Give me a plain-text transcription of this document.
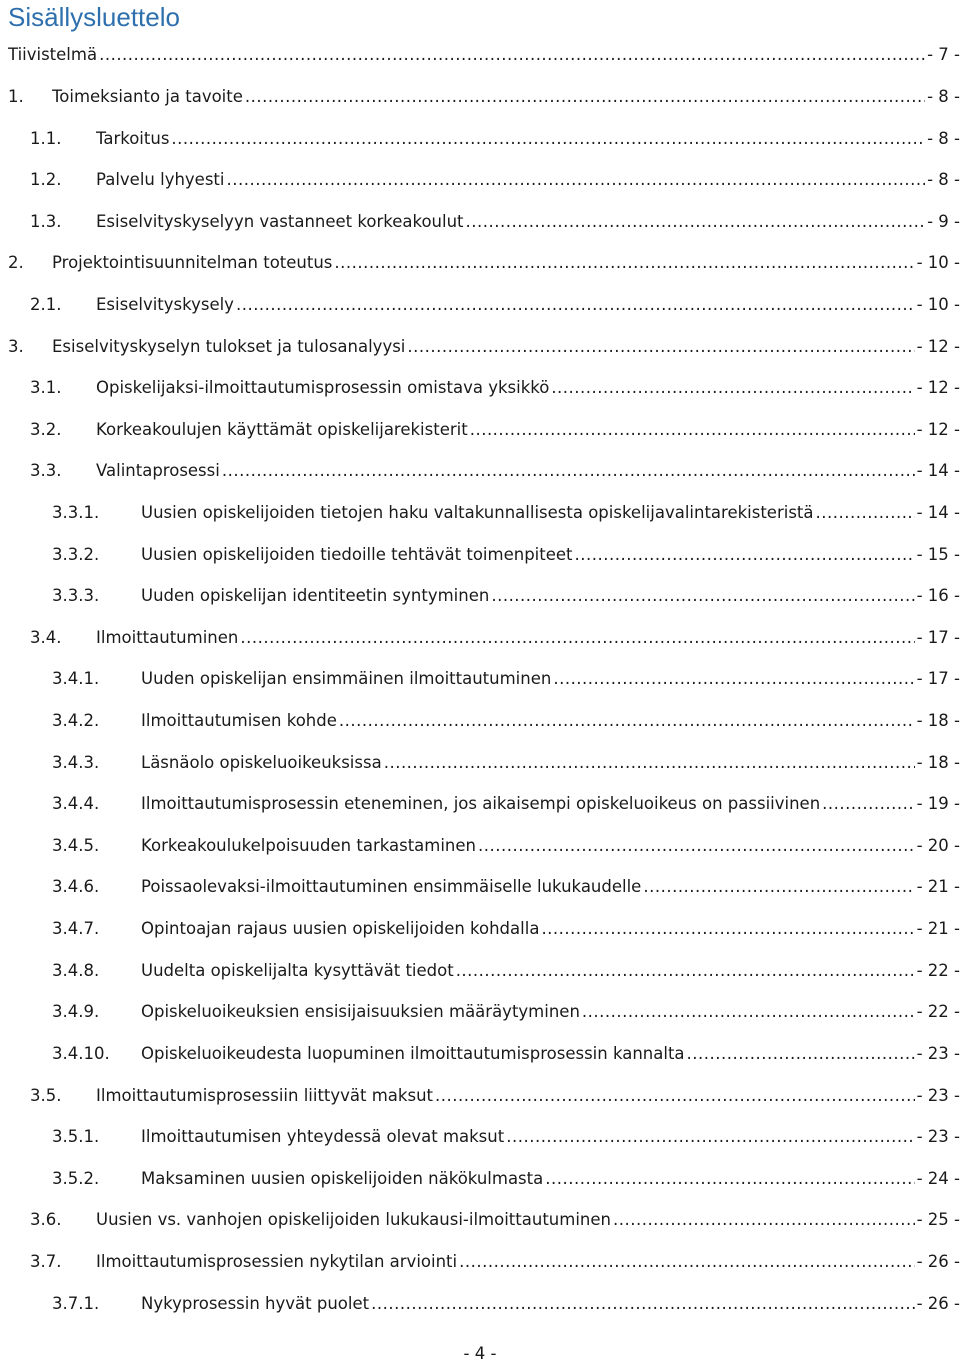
Sisällysluettelo
Tiivistelmä .....	- 7 -
1. Toimeksianto ja tavoite .....	- 8 -
1.1. Tarkoitus .....	- 8 -
1.2. Palvelu lyhyesti .....	- 8 -
1.3. Esiselvityskyselyyn vastanneet korkeakoulut .....	- 9 -
2. Projektointisuunnitelman toteutus .....	- 10 -
2.1. Esiselvityskysely .....	- 10 -
3. Esiselvityskyselyn tulokset ja tulosanalyysi .....	- 12 -
3.1. Opiskelijaksi-ilmoittautumisprosessin omistava yksikkö .....	- 12 -
3.2. Korkeakoulujen käyttämät opiskelijarekisterit .....	- 12 -
3.3. Valintaprosessi .....	- 14 -
3.3.1.	Uusien opiskelijoiden tietojen haku valtakunnallisesta opiskelijavalintarekisteristä .....	- 14 -
3.3.2.	Uusien opiskelijoiden tiedoille tehtävät toimenpiteet .....	- 15 -
3.3.3.	Uuden opiskelijan identiteetin syntyminen .....	- 16 -
3.4. Ilmoittautuminen .....	- 17 -
3.4.1.	Uuden opiskelijan ensimmäinen ilmoittautuminen .....	- 17 -
3.4.2.	Ilmoittautumisen kohde .....	- 18 -
3.4.3.	Läsnäolo opiskeluoikeuksissa .....	- 18 -
3.4.4.	Ilmoittautumisprosessin eteneminen, jos aikaisempi opiskeluoikeus on passiivinen .....	- 19 -
3.4.5.	Korkeakoulukelpoisuuden tarkastaminen .....	- 20 -
3.4.6.	Poissaolevaksi-ilmoittautuminen ensimmäiselle lukukaudelle .....	- 21 -
3.4.7.	Opintoajan rajaus uusien opiskelijoiden kohdalla .....	- 21 -
3.4.8.	Uudelta opiskelijalta kysyttävät tiedot .....	- 22 -
3.4.9.	Opiskeluoikeuksien ensisijaisuuksien määräytyminen .....	- 22 -
3.4.10. Opiskeluoikeudesta luopuminen ilmoittautumisprosessin kannalta .....	- 23 -
3.5. Ilmoittautumisprosessiin liittyvät maksut .....	- 23 -
3.5.1.	Ilmoittautumisen yhteydessä olevat maksut .....	- 23 -
3.5.2.	Maksaminen uusien opiskelijoiden näkökulmasta .....	- 24 -
3.6. Uusien vs. vanhojen opiskelijoiden lukukausi-ilmoittautuminen .....	- 25 -
3.7. Ilmoittautumisprosessien nykytilan arviointi .....	- 26 -
3.7.1.	Nykyprosessin hyvät puolet .....	- 26 -
- 4 -
